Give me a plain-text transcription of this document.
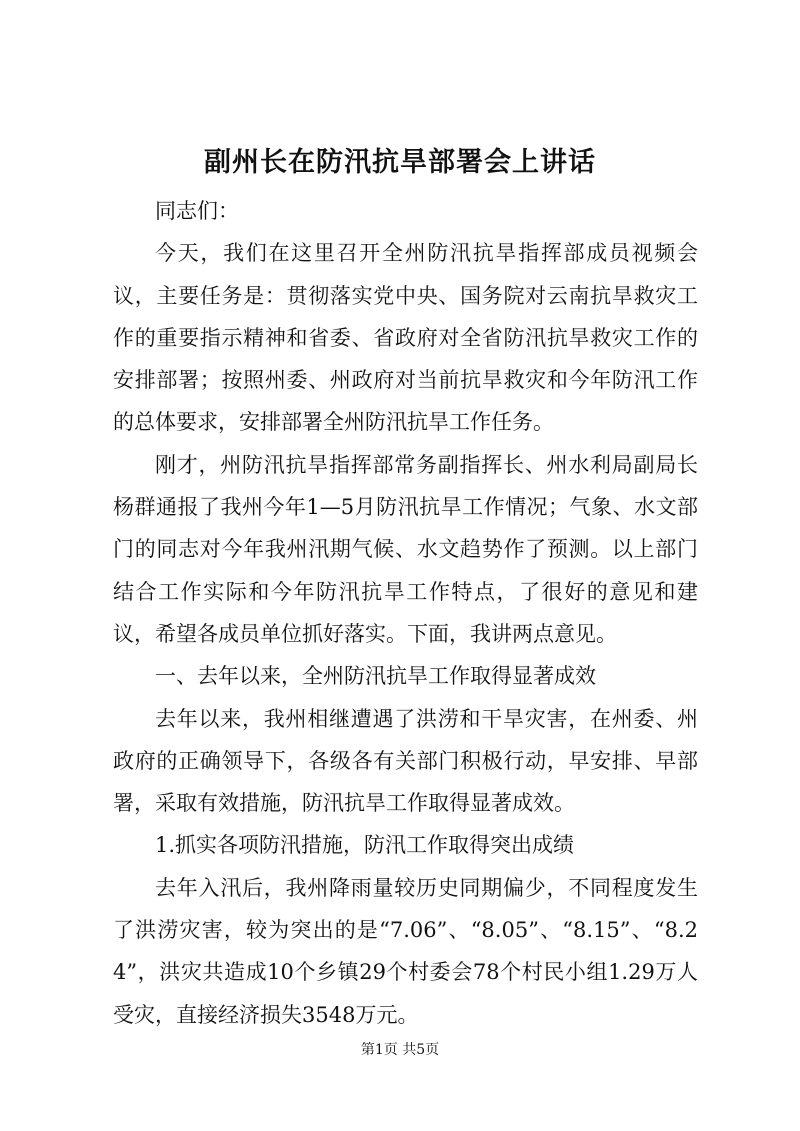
副州长在防汛抗旱部署会上讲话

同志们：

今天，我们在这里召开全州防汛抗旱指挥部成员视频会议，主要任务是：贯彻落实党中央、国务院对云南抗旱救灾工作的重要指示精神和省委、省政府对全省防汛抗旱救灾工作的安排部署；按照州委、州政府对当前抗旱救灾和今年防汛工作的总体要求，安排部署全州防汛抗旱工作任务。

刚才，州防汛抗旱指挥部常务副指挥长、州水利局副局长杨群通报了我州今年1—5月防汛抗旱工作情况；气象、水文部门的同志对今年我州汛期气候、水文趋势作了预测。以上部门结合工作实际和今年防汛抗旱工作特点，了很好的意见和建议，希望各成员单位抓好落实。下面，我讲两点意见。

一、去年以来，全州防汛抗旱工作取得显著成效

去年以来，我州相继遭遇了洪涝和干旱灾害，在州委、州政府的正确领导下，各级各有关部门积极行动，早安排、早部署，采取有效措施，防汛抗旱工作取得显著成效。

1.抓实各项防汛措施，防汛工作取得突出成绩

去年入汛后，我州降雨量较历史同期偏少，不同程度发生了洪涝灾害，较为突出的是“7.06”、“8.05”、“8.15”、“8.24”，洪灾共造成10个乡镇29个村委会78个村民小组1.29万人受灾，直接经济损失3548万元。

第1页 共5页
